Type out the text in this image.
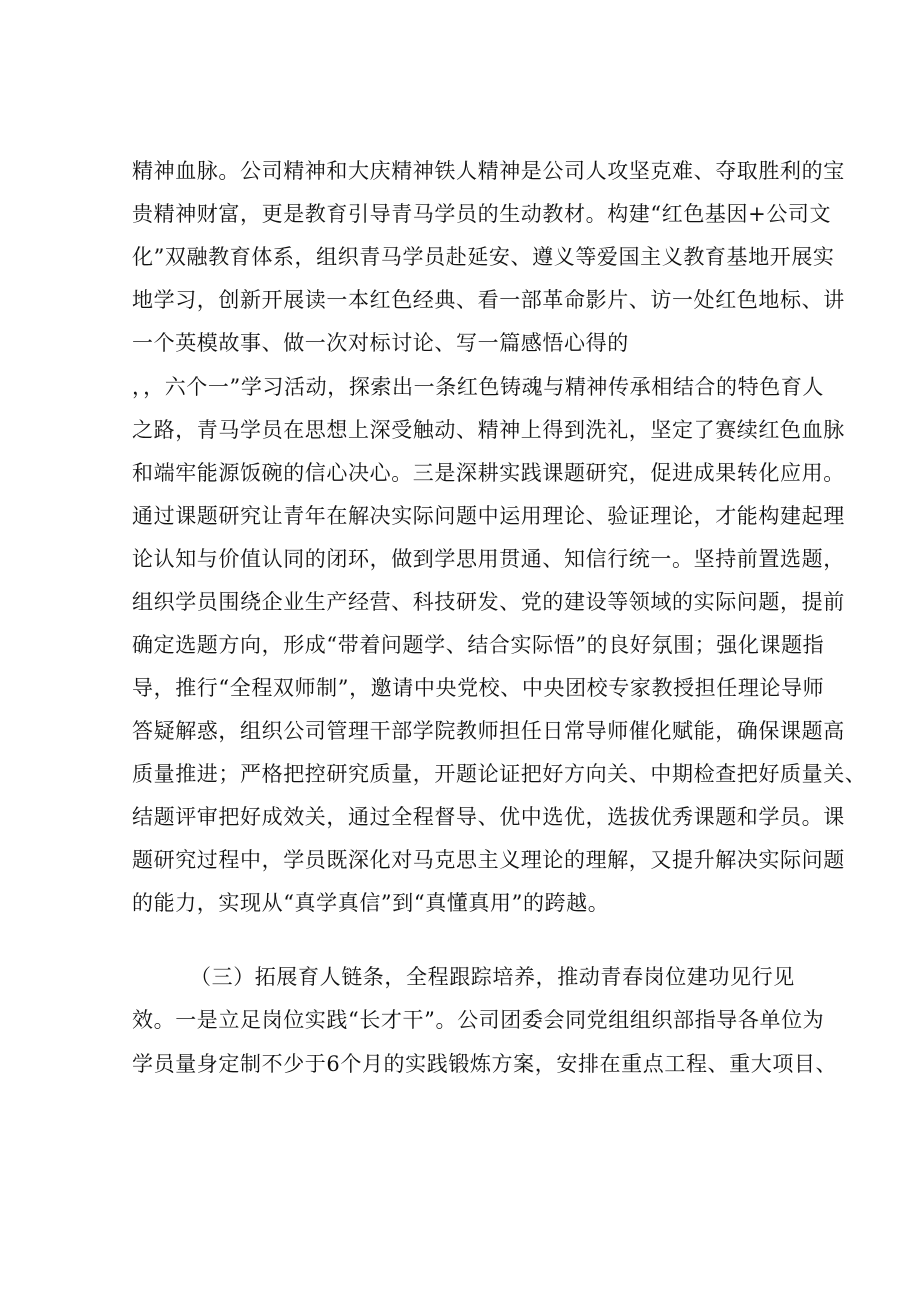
精神血脉。公司精神和大庆精神铁人精神是公司人攻坚克难、夺取胜利的宝

贵精神财富，更是教育引导青马学员的生动教材。构建“红色基因+公司文

化”双融教育体系，组织青马学员赴延安、遵义等爱国主义教育基地开展实

地学习，创新开展读一本红色经典、看一部革命影片、访一处红色地标、讲

一个英模故事、做一次对标讨论、写一篇感悟心得的

，，六个一”学习活动，探索出一条红色铸魂与精神传承相结合的特色育人

之路，青马学员在思想上深受触动、精神上得到洗礼，坚定了赛续红色血脉

和端牢能源饭碗的信心决心。三是深耕实践课题研究，促进成果转化应用。

通过课题研究让青年在解决实际问题中运用理论、验证理论，才能构建起理

论认知与价值认同的闭环，做到学思用贯通、知信行统一。坚持前置选题，

组织学员围绕企业生产经营、科技研发、党的建设等领域的实际问题，提前

确定选题方向，形成“带着问题学、结合实际悟”的良好氛围；强化课题指

导，推行“全程双师制”，邀请中央党校、中央团校专家教授担任理论导师

答疑解惑，组织公司管理干部学院教师担任日常导师催化赋能，确保课题高

质量推进；严格把控研究质量，开题论证把好方向关、中期检查把好质量关、

结题评审把好成效关，通过全程督导、优中选优，选拔优秀课题和学员。课

题研究过程中，学员既深化对马克思主义理论的理解，又提升解决实际问题

的能力，实现从“真学真信”到“真懂真用”的跨越。

（三）拓展育人链条，全程跟踪培养，推动青春岗位建功见行见

效。一是立足岗位实践“长才干”。公司团委会同党组组织部指导各单位为

学员量身定制不少于6个月的实践锻炼方案，安排在重点工程、重大项目、
